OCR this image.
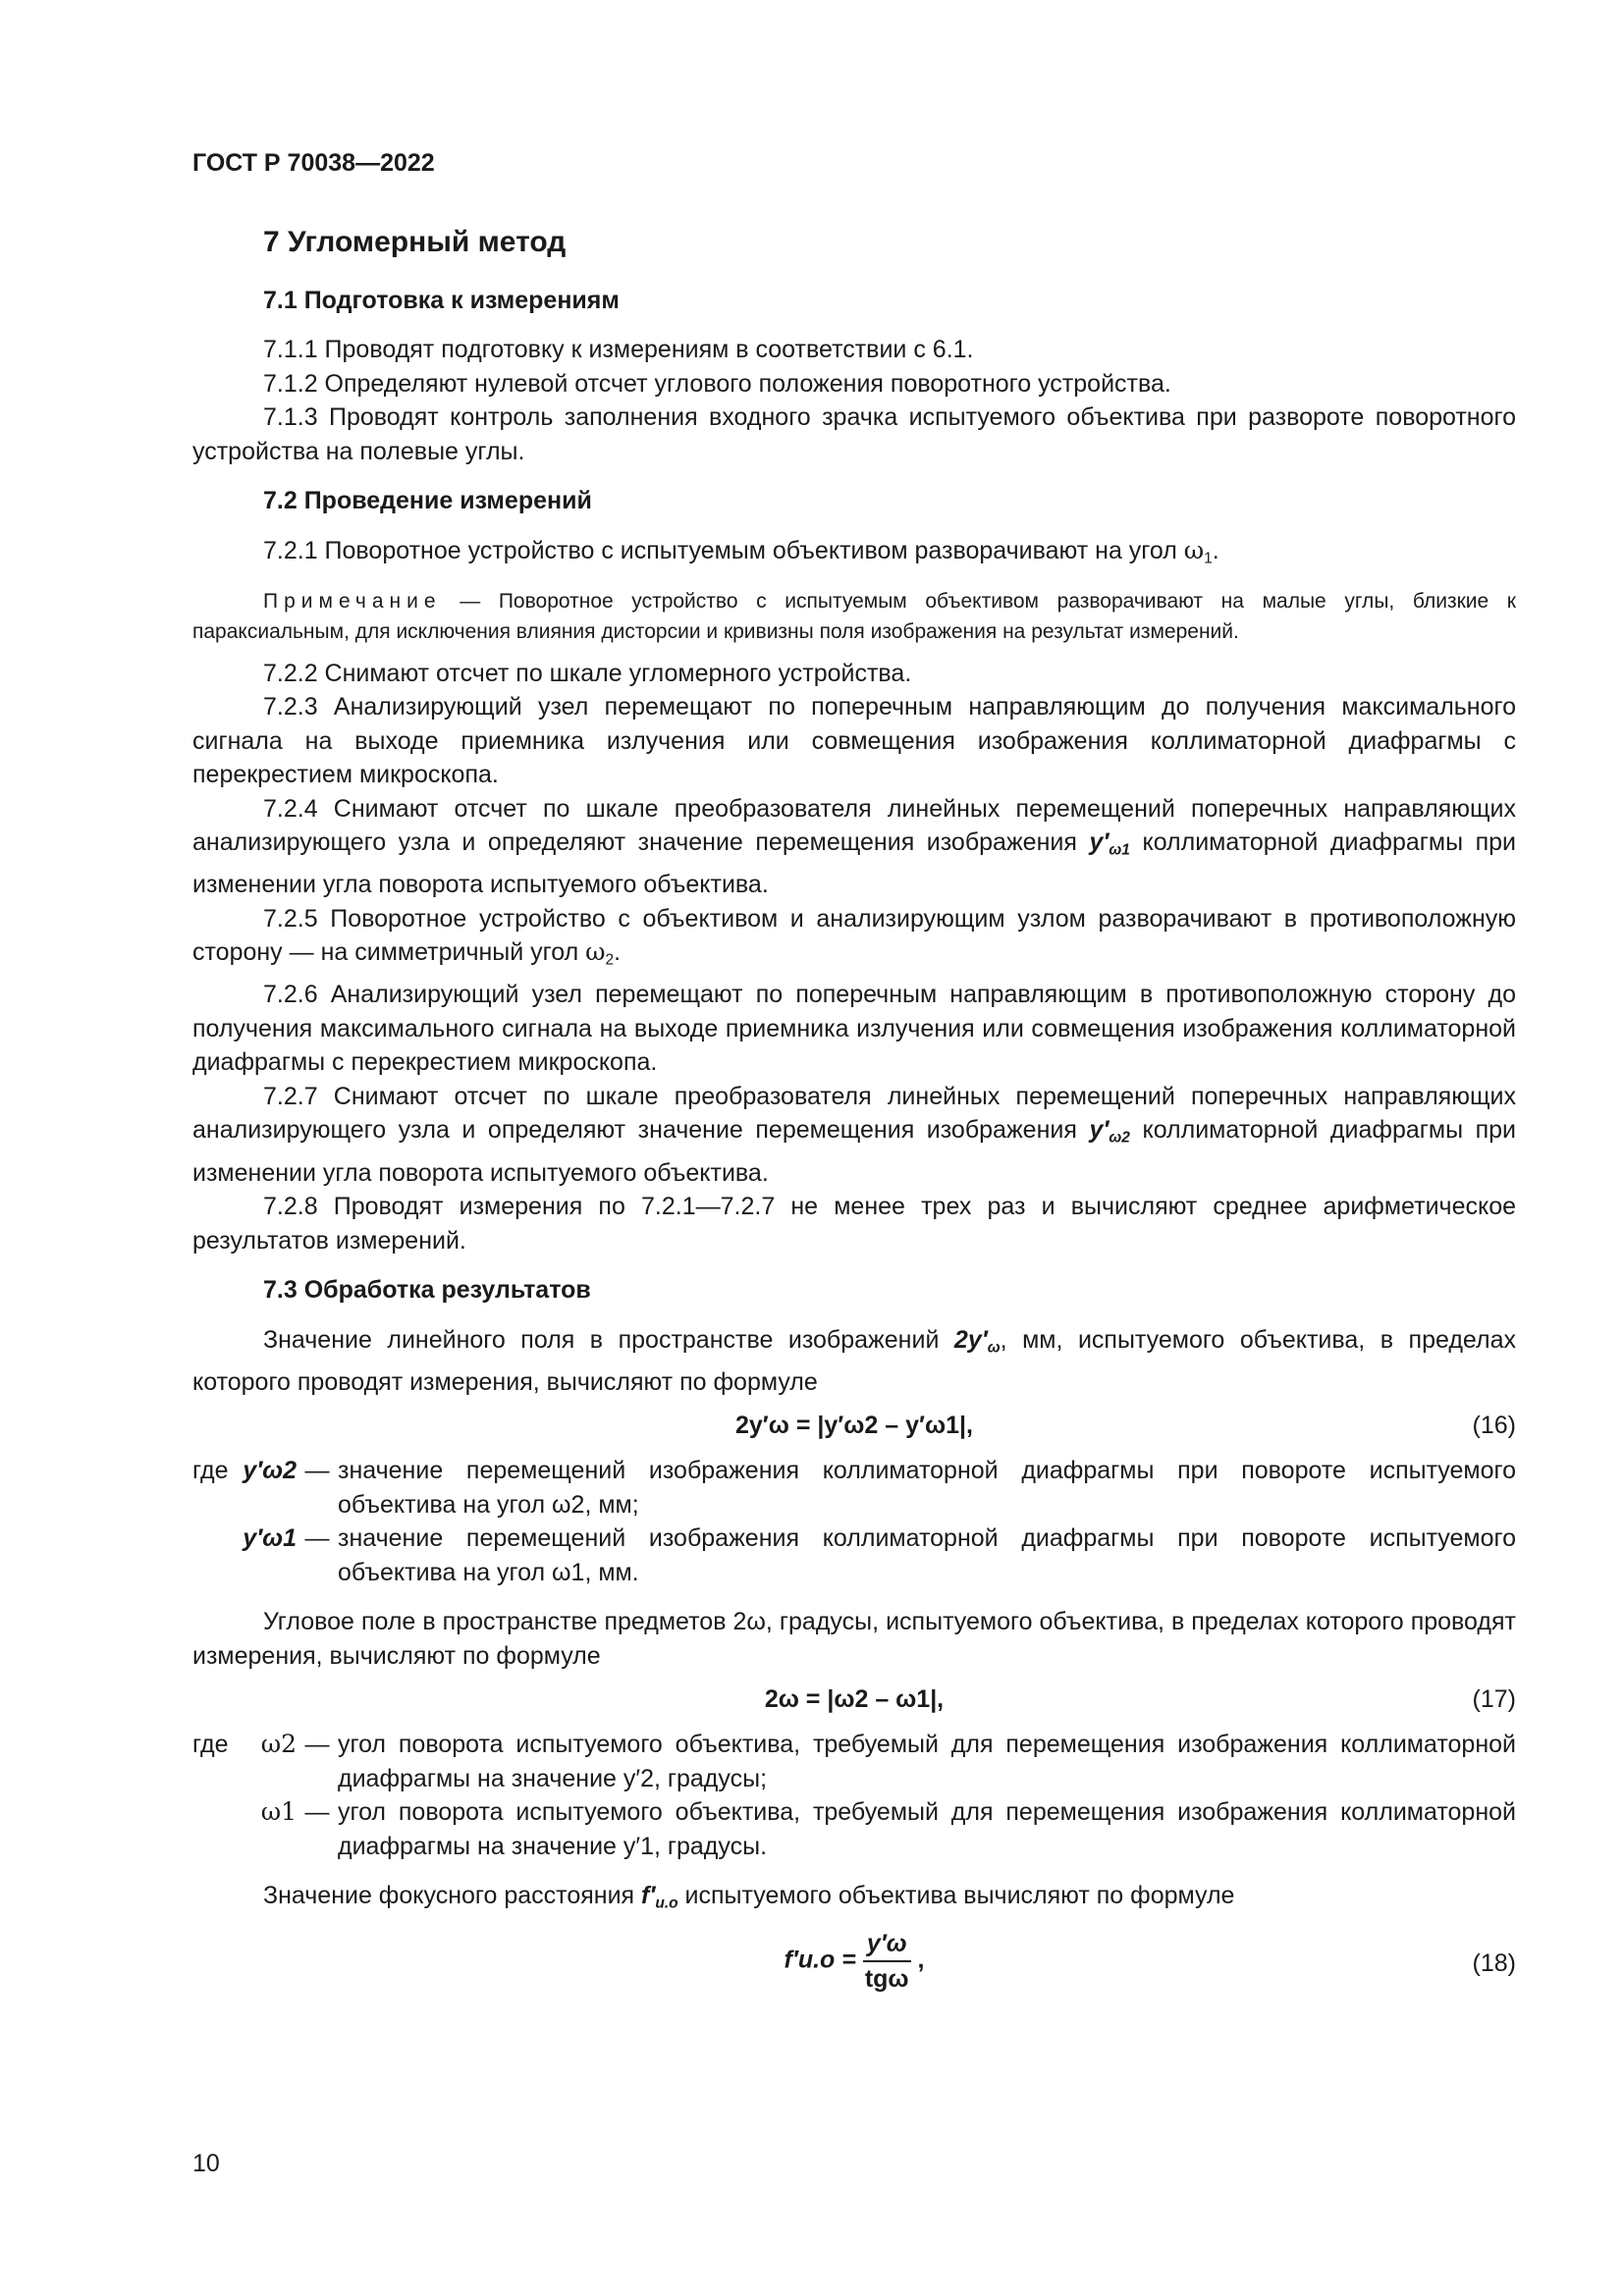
ГОСТ Р 70038—2022
7 Угломерный метод
7.1 Подготовка к измерениям

7.1.1 Проводят подготовку к измерениям в соответствии с 6.1.

7.1.2 Определяют нулевой отсчет углового положения поворотного устройства.

7.1.3 Проводят контроль заполнения входного зрачка испытуемого объектива при развороте поворотного устройства на полевые углы.

7.2 Проведение измерений

7.2.1 Поворотное устройство с испытуемым объективом разворачивают на угол $\omega_1$.

Примечание — Поворотное устройство с испытуемым объективом разворачивают на малые углы, близкие к параксиальным, для исключения влияния дисторсии и кривизны поля изображения на результат измерений.

7.2.2 Снимают отсчет по шкале угломерного устройства.

7.2.3 Анализирующий узел перемещают по поперечным направляющим до получения максимального сигнала на выходе приемника излучения или совмещения изображения коллиматорной диафрагмы с перекрестием микроскопа.

7.2.4 Снимают отсчет по шкале преобразователя линейных перемещений поперечных направляющих анализирующего узла и определяют значение перемещения изображения $y'_{\omega 1}$ коллиматорной диафрагмы при изменении угла поворота испытуемого объектива.

7.2.5 Поворотное устройство с объективом и анализирующим узлом разворачивают в противоположную сторону — на симметричный угол $\omega_2$.

7.2.6 Анализирующий узел перемещают по поперечным направляющим в противоположную сторону до получения максимального сигнала на выходе приемника излучения или совмещения изображения коллиматорной диафрагмы с перекрестием микроскопа.

7.2.7 Снимают отсчет по шкале преобразователя линейных перемещений поперечных направляющих анализирующего узла и определяют значение перемещения изображения $y'_{\omega 2}$ коллиматорной диафрагмы при изменении угла поворота испытуемого объектива.

7.2.8 Проводят измерения по 7.2.1—7.2.7 не менее трех раз и вычисляют среднее арифметическое результатов измерений.

7.3 Обработка результатов

Значение линейного поля в пространстве изображений $2y'_\omega$, мм, испытуемого объектива, в пределах которого проводят измерения, вычисляют по формуле

2y′ω = |y′ω2 – y′ω1|,	(16)
где y′ω2 — значение перемещений изображения коллиматорной диафрагмы при повороте испытуемого объектива на угол ω2, мм;
y′ω1 — значение перемещений изображения коллиматорной диафрагмы при повороте испытуемого объектива на угол ω1, мм.

Угловое поле в пространстве предметов 2ω, градусы, испытуемого объектива, в пределах которого проводят измерения, вычисляют по формуле

2ω = |ω2 – ω1|,	(17)
где	ω2 — угол поворота испытуемого объектива, требуемый для перемещения изображения коллиматорной диафрагмы на значение y′2, градусы;
ω1 — угол поворота испытуемого объектива, требуемый для перемещения изображения коллиматорной диафрагмы на значение y′1, градусы.

Значение фокусного расстояния $f'_{и.о}$ испытуемого объектива вычисляют по формуле

$f'и.о = \frac{y'\omega}{\text{tgω}}$ ,	(18)
10
